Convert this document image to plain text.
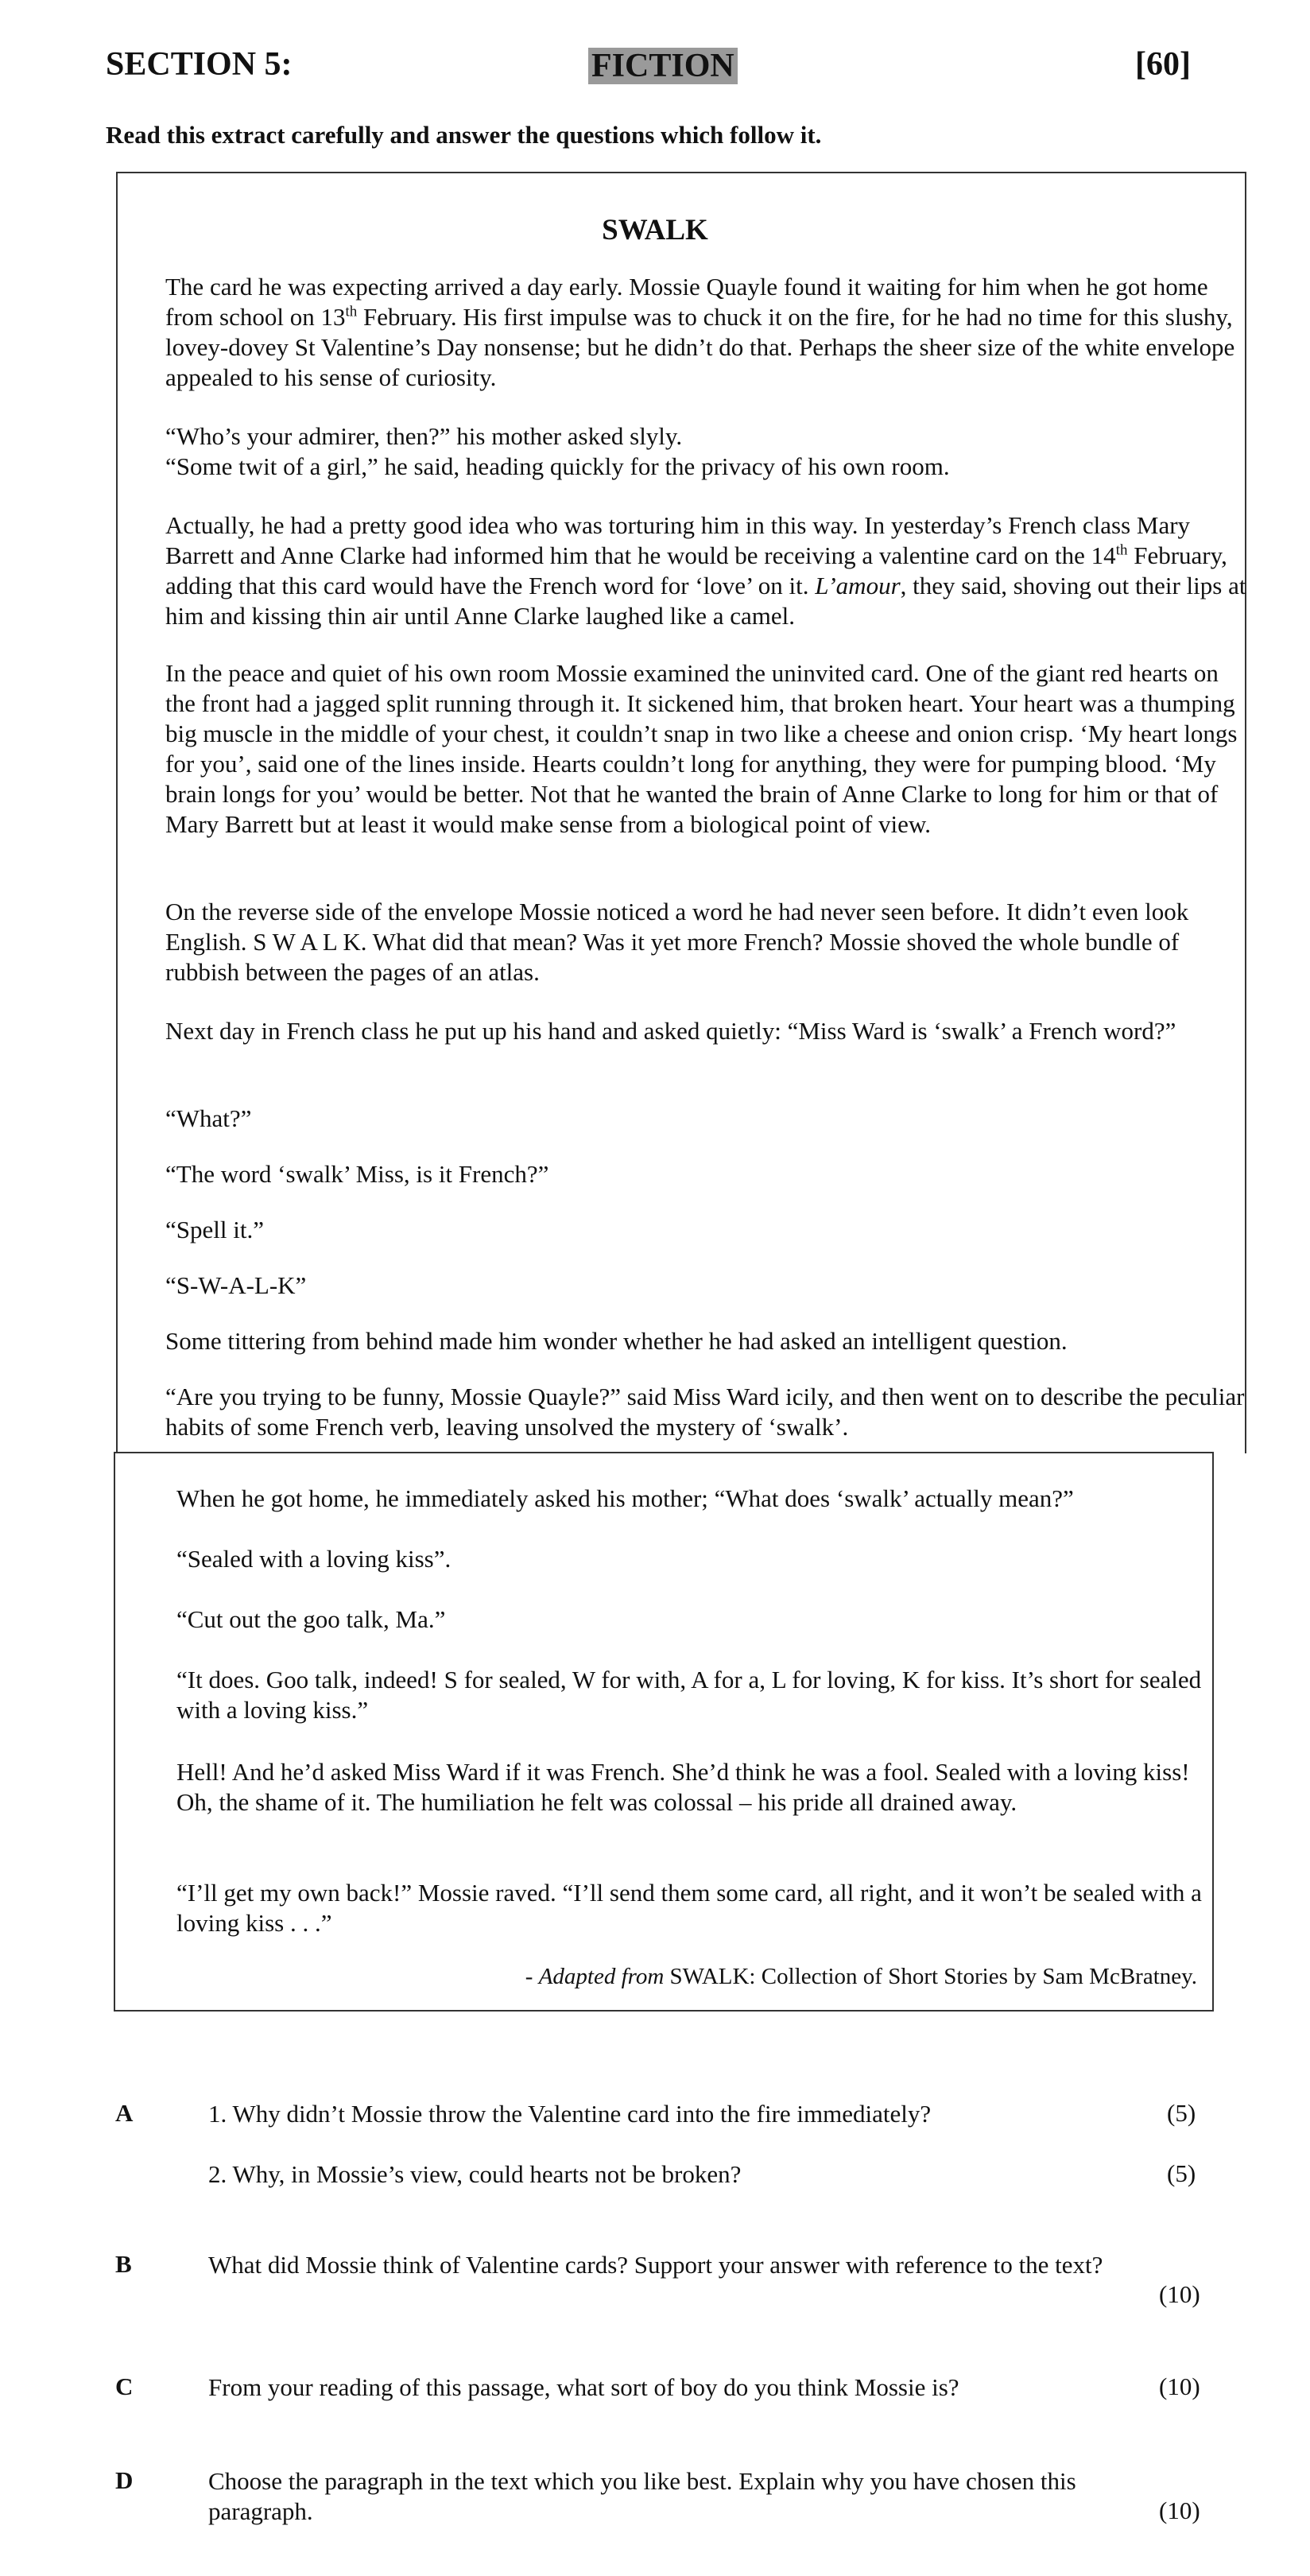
SECTION 5:	FICTION	[60]
Read this extract carefully and answer the questions which follow it.
SWALK

The card he was expecting arrived a day early. Mossie Quayle found it waiting for him when he got home from school on 13th February. His first impulse was to chuck it on the fire, for he had no time for this slushy, lovey-dovey St Valentine’s Day nonsense; but he didn’t do that. Perhaps the sheer size of the white envelope appealed to his sense of curiosity.

“Who’s your admirer, then?” his mother asked slyly.
“Some twit of a girl,” he said, heading quickly for the privacy of his own room.

Actually, he had a pretty good idea who was torturing him in this way. In yesterday’s French class Mary Barrett and Anne Clarke had informed him that he would be receiving a valentine card on the 14th February, adding that this card would have the French word for ‘love’ on it. L’amour, they said, shoving out their lips at him and kissing thin air until Anne Clarke laughed like a camel.

In the peace and quiet of his own room Mossie examined the uninvited card. One of the giant red hearts on the front had a jagged split running through it. It sickened him, that broken heart. Your heart was a thumping big muscle in the middle of your chest, it couldn’t snap in two like a cheese and onion crisp. ‘My heart longs for you’, said one of the lines inside. Hearts couldn’t long for anything, they were for pumping blood. ‘My brain longs for you’ would be better. Not that he wanted the brain of Anne Clarke to long for him or that of Mary Barrett but at least it would make sense from a biological point of view.

On the reverse side of the envelope Mossie noticed a word he had never seen before. It didn’t even look English. S W A L K. What did that mean? Was it yet more French? Mossie shoved the whole bundle of rubbish between the pages of an atlas.

Next day in French class he put up his hand and asked quietly: “Miss Ward is ‘swalk’ a French word?”

“What?”

“The word ‘swalk’ Miss, is it French?”

“Spell it.”

“S-W-A-L-K”

Some tittering from behind made him wonder whether he had asked an intelligent question.

“Are you trying to be funny, Mossie Quayle?” said Miss Ward icily, and then went on to describe the peculiar habits of some French verb, leaving unsolved the mystery of ‘swalk’.

When he got home, he immediately asked his mother; “What does ‘swalk’ actually mean?”

“Sealed with a loving kiss”.

“Cut out the goo talk, Ma.”

“It does. Goo talk, indeed! S for sealed, W for with, A for a, L for loving, K for kiss. It’s short for sealed with a loving kiss.”

Hell! And he’d asked Miss Ward if it was French. She’d think he was a fool. Sealed with a loving kiss! Oh, the shame of it. The humiliation he felt was colossal – his pride all drained away.

“I’ll get my own back!” Mossie raved. “I’ll send them some card, all right, and it won’t be sealed with a loving kiss . . .”

- Adapted from SWALK: Collection of Short Stories by Sam McBratney.
A	1. Why didn’t Mossie throw the Valentine card into the fire immediately?	(5)

2. Why, in Mossie’s view, could hearts not be broken?	(5)
B	What did Mossie think of Valentine cards? Support your answer with reference to the text?

(10)
C	From your reading of this passage, what sort of boy do you think Mossie is?	(10)
D	Choose the paragraph in the text which you like best. Explain why you have chosen this paragraph.	(10)
